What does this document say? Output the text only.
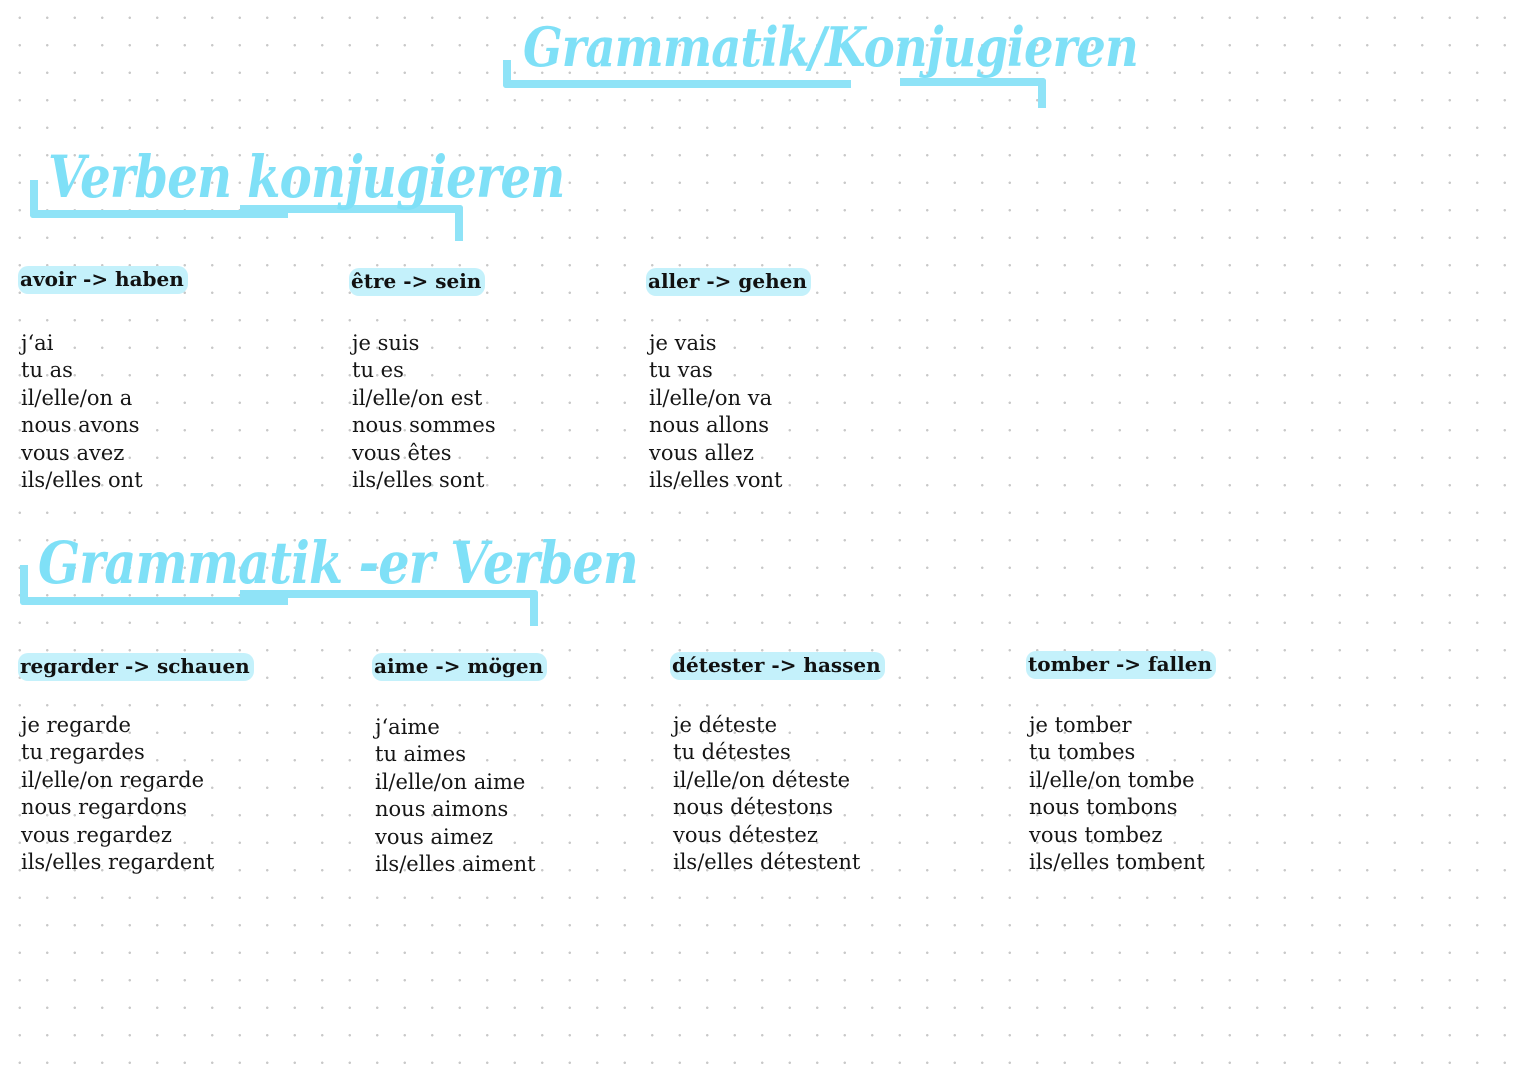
Grammatik/Konjugieren
Verben konjugieren
avoir -> haben
j‘ai
tu as
il/elle/on a
nous avons
vous avez
ils/elles ont
être -> sein
je suis
tu es
il/elle/on est
nous sommes
vous êtes
ils/elles sont
aller -> gehen
je vais
tu vas
il/elle/on va
nous allons
vous allez
ils/elles vont
Grammatik -er Verben
regarder -> schauen
je regarde
tu regardes
il/elle/on regarde
nous regardons
vous regardez
ils/elles regardent
aime -> mögen
j‘aime
tu aimes
il/elle/on aime
nous aimons
vous aimez
ils/elles aiment
détester -> hassen
je déteste
tu détestes
il/elle/on déteste
nous détestons
vous détestez
ils/elles détestent
tomber -> fallen
je tomber
tu tombes
il/elle/on tombe
nous tombons
vous tombez
ils/elles tombent
